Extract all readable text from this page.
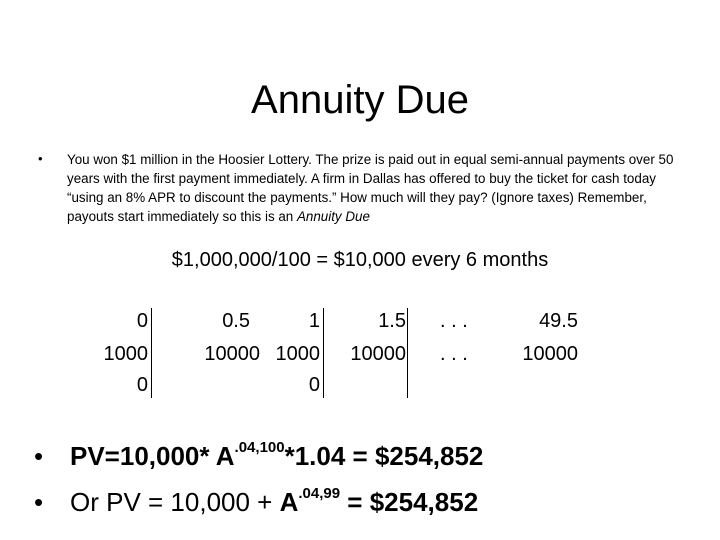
Annuity Due
• You won $1 million in the Hoosier Lottery. The prize is paid out in equal semi-annual payments over 50 years with the first payment immediately. A firm in Dallas has offered to buy the ticket for cash today “using an 8% APR to discount the payments.” How much will they pay? (Ignore taxes) Remember, payouts start immediately so this is an Annuity Due
$1,000,000/100 = $10,000 every 6 months
0
1000
0
0.5
10000
1
1000
0
1.5
10000
. . .
. . .
49.5
10000
• PV=10,000* $A^{.04,100}*1.04$ = $254,852
• Or PV = $10,000 + A^{.04,99}$ = $254,852
